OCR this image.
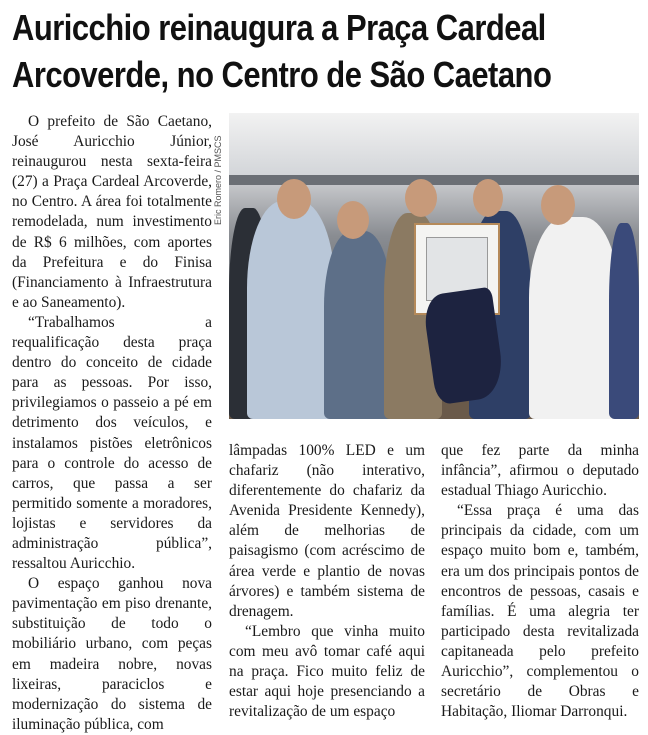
Auricchio reinaugura a Praça Cardeal
Arcoverde, no Centro de São Caetano
Eric Romero / PMSCS

O prefeito de São Caetano, José Auricchio Júnior, reinaugurou nesta sexta-feira (27) a Praça Cardeal Arcoverde, no Centro. A área foi totalmente remodelada, num investimento de R$ 6 milhões, com aportes da Prefeitura e do Finisa (Financiamento à Infraestrutura e ao Saneamento).

“Trabalhamos a requalificação desta praça dentro do conceito de cidade para as pessoas. Por isso, privilegiamos o passeio a pé em detrimento dos veículos, e instalamos pistões eletrônicos para o controle do acesso de carros, que passa a ser permitido somente a moradores, lojistas e servidores da administração pública”, ressaltou Auricchio.

O espaço ganhou nova pavimentação em piso drenante, substituição de todo o mobiliário urbano, com peças em madeira nobre, novas lixeiras, paraciclos e modernização do sistema de iluminação pública, com

lâmpadas 100% LED e um chafariz (não interativo, diferentemente do chafariz da Avenida Presidente Kennedy), além de melhorias de paisagismo (com acréscimo de área verde e plantio de novas árvores) e também sistema de drenagem.

“Lembro que vinha muito com meu avô tomar café aqui na praça. Fico muito feliz de estar aqui hoje presenciando a revitalização de um espaço

que fez parte da minha infância”, afirmou o deputado estadual Thiago Auricchio.

“Essa praça é uma das principais da cidade, com um espaço muito bom e, também, era um dos principais pontos de encontros de pessoas, casais e famílias. É uma alegria ter participado desta revitalizada capitaneada pelo prefeito Auricchio”, complementou o secretário de Obras e Habitação, Iliomar Darronqui.
